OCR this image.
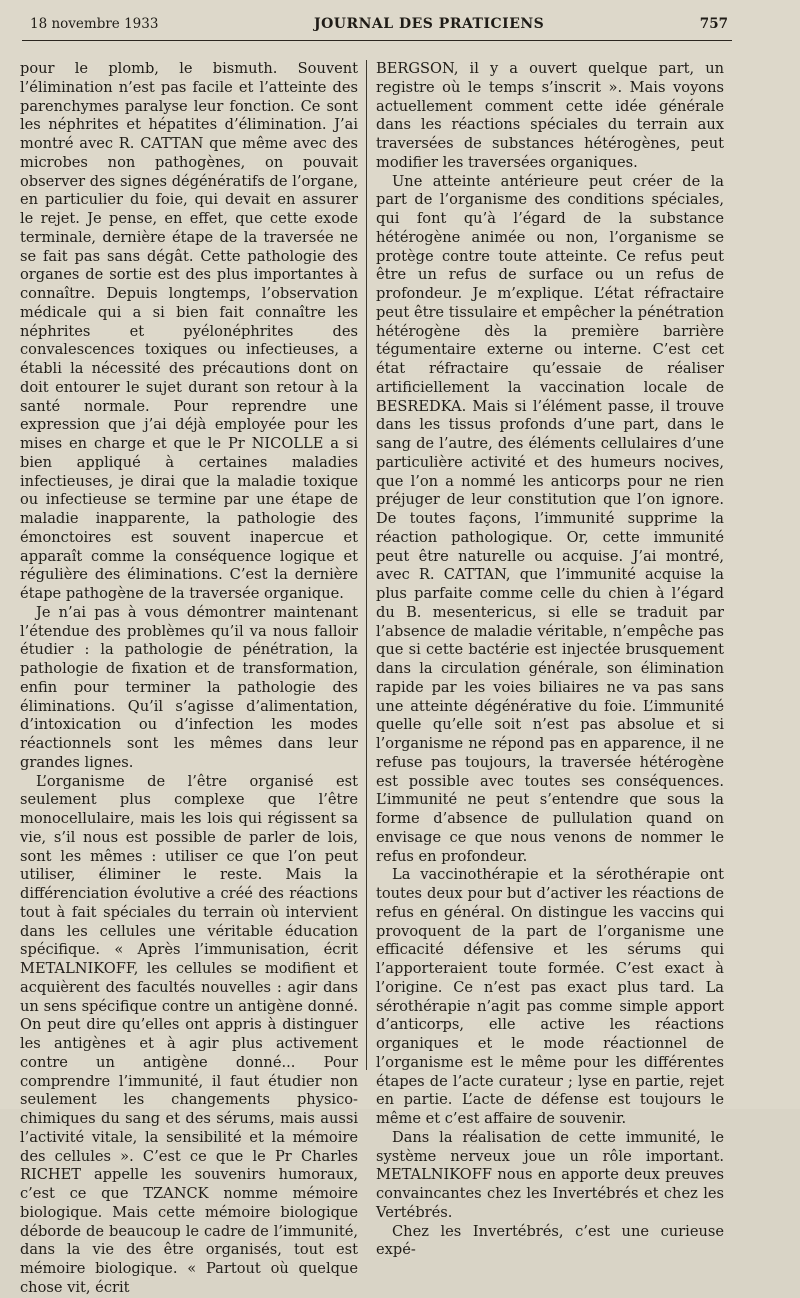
18 novembre 1933	JOURNAL DES PRATICIENS	757

pour le plomb, le bismuth. Souvent l’élimination n’est pas facile et l’atteinte des parenchymes paralyse leur fonction. Ce sont les néphrites et hépatites d’élimination. J’ai montré avec R. CATTAN que même avec des microbes non pathogènes, on pouvait observer des signes dégénératifs de l’organe, en particulier du foie, qui devait en assurer le rejet. Je pense, en effet, que cette exode terminale, dernière étape de la traversée ne se fait pas sans dégât. Cette pathologie des organes de sortie est des plus importantes à connaître. Depuis longtemps, l’observation médicale qui a si bien fait connaître les néphrites et pyélonéphrites des convalescences toxiques ou infectieuses, a établi la nécessité des précautions dont on doit entourer le sujet durant son retour à la santé normale. Pour reprendre une expression que j’ai déjà employée pour les mises en charge et que le Pr NICOLLE a si bien appliqué à certaines maladies infectieuses, je dirai que la maladie toxique ou infectieuse se termine par une étape de maladie inapparente, la pathologie des émonctoires est souvent inapercue et apparaît comme la conséquence logique et régulière des éliminations. C’est la dernière étape pathogène de la traversée organique.

Je n’ai pas à vous démontrer maintenant l’étendue des problèmes qu’il va nous falloir étudier : la pathologie de pénétration, la pathologie de fixation et de transformation, enfin pour terminer la pathologie des éliminations. Qu’il s’agisse d’alimentation, d’intoxication ou d’infection les modes réactionnels sont les mêmes dans leur grandes lignes.

L’organisme de l’être organisé est seulement plus complexe que l’être monocellulaire, mais les lois qui régissent sa vie, s’il nous est possible de parler de lois, sont les mêmes : utiliser ce que l’on peut utiliser, éliminer le reste. Mais la différenciation évolutive a créé des réactions tout à fait spéciales du terrain où intervient dans les cellules une véritable éducation spécifique. « Après l’immunisation, écrit METALNIKOFF, les cellules se modifient et acquièrent des facultés nouvelles : agir dans un sens spécifique contre un antigène donné. On peut dire qu’elles ont appris à distinguer les antigènes et à agir plus activement contre un antigène donné... Pour comprendre l’immunité, il faut étudier non seulement les changements physico-chimiques du sang et des sérums, mais aussi l’activité vitale, la sensibilité et la mémoire des cellules ». C’est ce que le Pr Charles RICHET appelle les souvenirs humoraux, c’est ce que TZANCK nomme mémoire biologique. Mais cette mémoire biologique déborde de beaucoup le cadre de l’immunité, dans la vie des être organisés, tout est mémoire biologique. « Partout où quelque chose vit, écrit

BERGSON, il y a ouvert quelque part, un registre où le temps s’inscrit ». Mais voyons actuellement comment cette idée générale dans les réactions spéciales du terrain aux traversées de substances hétérogènes, peut modifier les traversées organiques.

Une atteinte antérieure peut créer de la part de l’organisme des conditions spéciales, qui font qu’à l’égard de la substance hétérogène animée ou non, l’organisme se protège contre toute atteinte. Ce refus peut être un refus de surface ou un refus de profondeur. Je m’explique. L’état réfractaire peut être tissulaire et empêcher la pénétration hétérogène dès la première barrière tégumentaire externe ou interne. C’est cet état réfractaire qu’essaie de réaliser artificiellement la vaccination locale de BESREDKA. Mais si l’élément passe, il trouve dans les tissus profonds d’une part, dans le sang de l’autre, des éléments cellulaires d’une particulière activité et des humeurs nocives, que l’on a nommé les anticorps pour ne rien préjuger de leur constitution que l’on ignore. De toutes façons, l’immunité supprime la réaction pathologique. Or, cette immunité peut être naturelle ou acquise. J’ai montré, avec R. CATTAN, que l’immunité acquise la plus parfaite comme celle du chien à l’égard du B. mesentericus, si elle se traduit par l’absence de maladie véritable, n’empêche pas que si cette bactérie est injectée brusquement dans la circulation générale, son élimination rapide par les voies biliaires ne va pas sans une atteinte dégénérative du foie. L’immunité quelle qu’elle soit n’est pas absolue et si l’organisme ne répond pas en apparence, il ne refuse pas toujours, la traversée hétérogène est possible avec toutes ses conséquences. L’immunité ne peut s’entendre que sous la forme d’absence de pullulation quand on envisage ce que nous venons de nommer le refus en profondeur.

La vaccinothérapie et la sérothérapie ont toutes deux pour but d’activer les réactions de refus en général. On distingue les vaccins qui provoquent de la part de l’organisme une efficacité défensive et les sérums qui l’apporteraient toute formée. C’est exact à l’origine. Ce n’est pas exact plus tard. La sérothérapie n’agit pas comme simple apport d’anticorps, elle active les réactions organiques et le mode réactionnel de l’organisme est le même pour les différentes étapes de l’acte curateur ; lyse en partie, rejet en partie. L’acte de défense est toujours le même et c’est affaire de souvenir.

Dans la réalisation de cette immunité, le système nerveux joue un rôle important. METALNIKOFF nous en apporte deux preuves convaincantes chez les Invertébrés et chez les Vertébrés.

Chez les Invertébrés, c’est une curieuse expé-
